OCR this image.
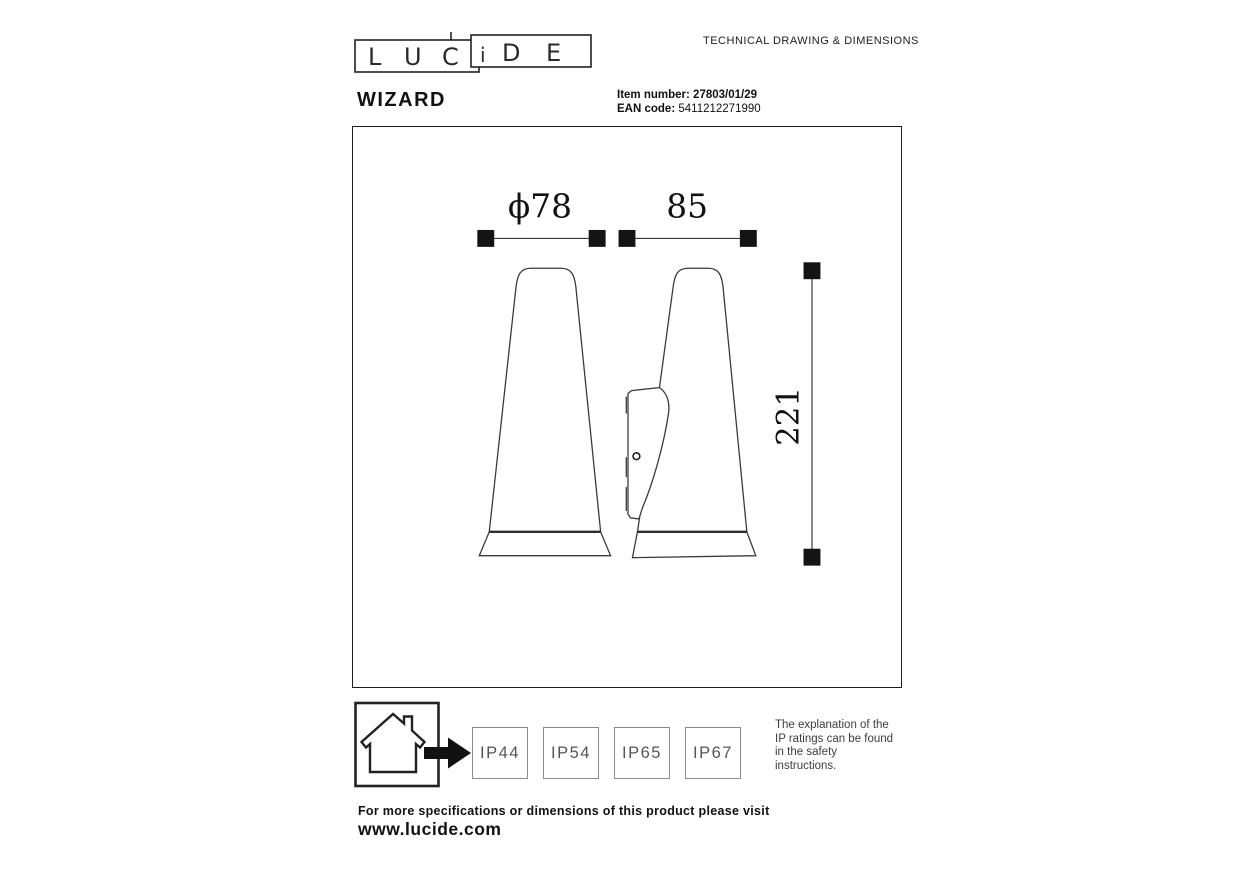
L U C i D E	TECHNICAL DRAWING & DIMENSIONS
WIZARD	Item number: 27803/01/29
EAN code: 5411212271990
ϕ78	85
221
IP44	IP54	IP65	IP67
The explanation of the
IP ratings can be found
in the safety
instructions.
For more specifications or dimensions of this product please visit
www.lucide.com
